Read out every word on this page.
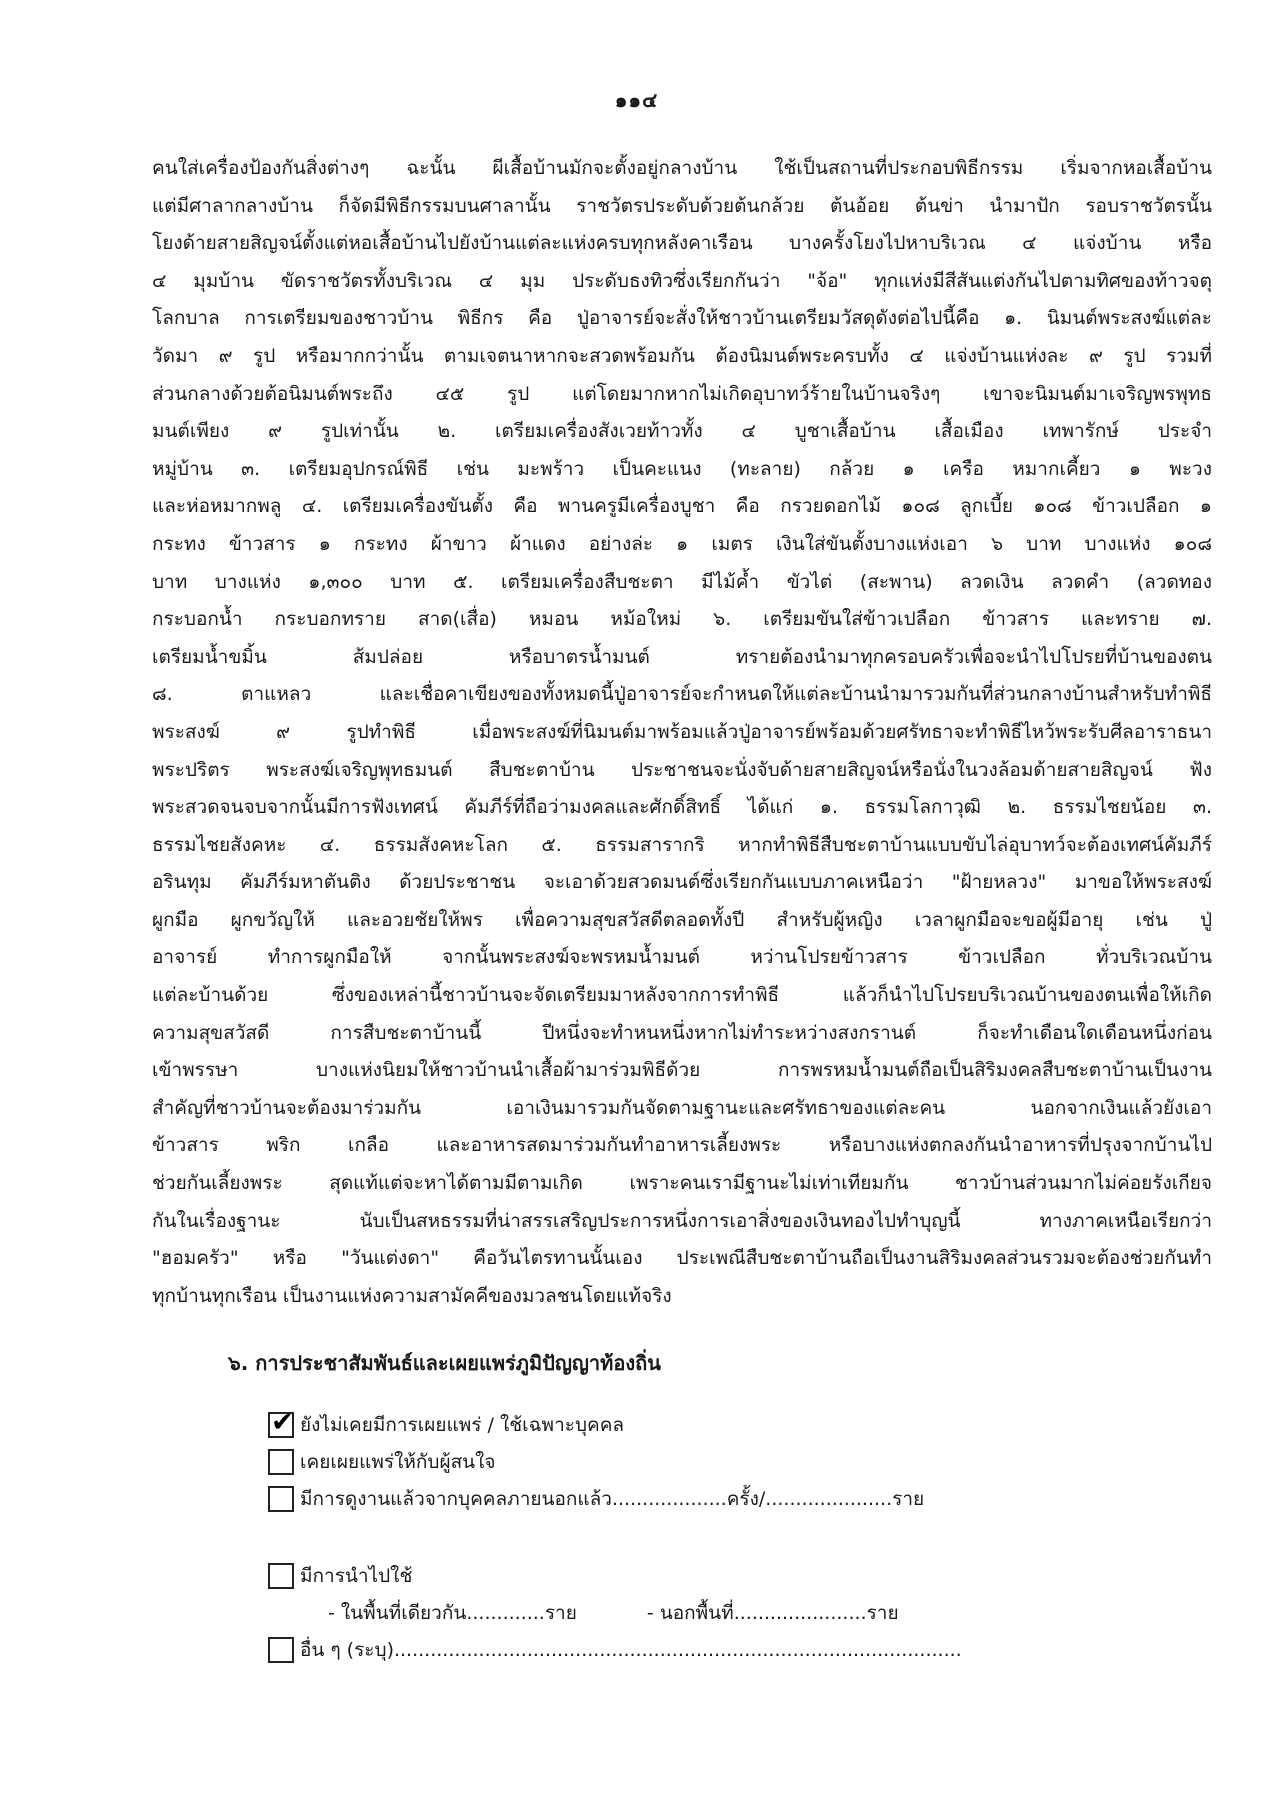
๑๑๔
คนใส่เครื่องป้องกันสิ่งต่างๆ ฉะนั้น ผีเสื้อบ้านมักจะตั้งอยู่กลางบ้าน ใช้เป็นสถานที่ประกอบพิธีกรรม เริ่มจากหอเสื้อบ้าน
แต่มีศาลากลางบ้าน ก็จัดมีพิธีกรรมบนศาลานั้น ราชวัตรประดับด้วยต้นกล้วย ต้นอ้อย ต้นข่า นำมาปัก รอบราชวัตรนั้น
โยงด้ายสายสิญจน์ตั้งแต่หอเสื้อบ้านไปยังบ้านแต่ละแห่งครบทุกหลังคาเรือน บางครั้งโยงไปหาบริเวณ ๔ แจ่งบ้าน หรือ
๔ มุมบ้าน ขัดราชวัตรทั้งบริเวณ ๔ มุม ประดับธงทิวซึ่งเรียกกันว่า "จ้อ" ทุกแห่งมีสีสันแต่งกันไปตามทิศของท้าวจตุ
โลกบาล การเตรียมของชาวบ้าน พิธีกร คือ ปู่อาจารย์จะสั่งให้ชาวบ้านเตรียมวัสดุดังต่อไปนี้คือ ๑. นิมนต์พระสงฆ์แต่ละ
วัดมา ๙ รูป หรือมากกว่านั้น ตามเจตนาหากจะสวดพร้อมกัน ต้องนิมนต์พระครบทั้ง ๔ แจ่งบ้านแห่งละ ๙ รูป รวมที่
ส่วนกลางด้วยต้อนิมนต์พระถึง ๔๕ รูป แต่โดยมากหากไม่เกิดอุบาทว์ร้ายในบ้านจริงๆ เขาจะนิมนต์มาเจริญพรพุทธ
มนต์เพียง ๙ รูปเท่านั้น ๒. เตรียมเครื่องสังเวยท้าวทั้ง ๔ บูชาเสื้อบ้าน เสื้อเมือง เทพารักษ์ ประจำ
หมู่บ้าน ๓. เตรียมอุปกรณ์พิธี เช่น มะพร้าว เป็นคะแนง (ทะลาย) กล้วย ๑ เครือ หมากเคี้ยว ๑ พะวง
และห่อหมากพลู ๔. เตรียมเครื่องขันตั้ง คือ พานครูมีเครื่องบูชา คือ กรวยดอกไม้ ๑๐๘ ลูกเบี้ย ๑๐๘ ข้าวเปลือก ๑
กระทง ข้าวสาร ๑ กระทง ผ้าขาว ผ้าแดง อย่างล่ะ ๑ เมตร เงินใส่ขันตั้งบางแห่งเอา ๖ บาท บางแห่ง ๑๐๘
บาท บางแห่ง ๑,๓๐๐ บาท ๕. เตรียมเครื่องสืบชะตา มีไม้ค้ำ ขัวไต่ (สะพาน) ลวดเงิน ลวดคำ (ลวดทอง
กระบอกน้ำ กระบอกทราย สาด(เสื่อ) หมอน หม้อใหม่ ๖. เตรียมขันใส่ข้าวเปลือก ข้าวสาร และทราย ๗.
เตรียมน้ำขมิ้น ส้มปล่อย หรือบาตรน้ำมนต์ ทรายต้องนำมาทุกครอบครัวเพื่อจะนำไปโปรยที่บ้านของตน
๘. ตาแหลว และเชื่อคาเขียงของทั้งหมดนี้ปู่อาจารย์จะกำหนดให้แต่ละบ้านนำมารวมกันที่ส่วนกลางบ้านสำหรับทำพิธี
พระสงฆ์ ๙ รูปทำพิธี เมื่อพระสงฆ์ที่นิมนต์มาพร้อมแล้วปู่อาจารย์พร้อมด้วยศรัทธาจะทำพิธีไหว้พระรับศีลอาราธนา
พระปริตร พระสงฆ์เจริญพุทธมนต์ สืบชะตาบ้าน ประชาชนจะนั่งจับด้ายสายสิญจน์หรือนั่งในวงล้อมด้ายสายสิญจน์ ฟัง
พระสวดจนจบจากนั้นมีการฟังเทศน์ คัมภีร์ที่ถือว่ามงคลและศักดิ์สิทธิ์ ได้แก่ ๑. ธรรมโลกาวุฒิ ๒. ธรรมไชยน้อย ๓.
ธรรมไชยสังคหะ ๔. ธรรมสังคหะโลก ๕. ธรรมสารากริ หากทำพิธีสืบชะตาบ้านแบบขับไล่อุบาทว์จะต้องเทศน์คัมภีร์
อรินทุม คัมภีร์มหาตันติง ด้วยประชาชน จะเอาด้วยสวดมนต์ซึ่งเรียกกันแบบภาคเหนือว่า "ฝ้ายหลวง" มาขอให้พระสงฆ์
ผูกมือ ผูกขวัญให้ และอวยชัยให้พร เพื่อความสุขสวัสดีตลอดทั้งปี สำหรับผู้หญิง เวลาผูกมือจะขอผู้มีอายุ เช่น ปู่
อาจารย์ ทำการผูกมือให้ จากนั้นพระสงฆ์จะพรหมน้ำมนต์ หว่านโปรยข้าวสาร ข้าวเปลือก ทั่วบริเวณบ้าน
แต่ละบ้านด้วย ซึ่งของเหล่านี้ชาวบ้านจะจัดเตรียมมาหลังจากการทำพิธี แล้วก็นำไปโปรยบริเวณบ้านของตนเพื่อให้เกิด
ความสุขสวัสดี การสืบชะตาบ้านนี้ ปีหนึ่งจะทำหนหนึ่งหากไม่ทำระหว่างสงกรานต์ ก็จะทำเดือนใดเดือนหนึ่งก่อน
เข้าพรรษา บางแห่งนิยมให้ชาวบ้านนำเสื้อผ้ามาร่วมพิธีด้วย การพรหมน้ำมนต์ถือเป็นสิริมงคลสืบชะตาบ้านเป็นงาน
สำคัญที่ชาวบ้านจะต้องมาร่วมกัน เอาเงินมารวมกันจัดตามฐานะและศรัทธาของแต่ละคน นอกจากเงินแล้วยังเอา
ข้าวสาร พริก เกลือ และอาหารสดมาร่วมกันทำอาหารเลี้ยงพระ หรือบางแห่งตกลงกันนำอาหารที่ปรุงจากบ้านไป
ช่วยกันเลี้ยงพระ สุดแท้แต่จะหาได้ตามมีตามเกิด เพราะคนเรามีฐานะไม่เท่าเทียมกัน ชาวบ้านส่วนมากไม่ค่อยรังเกียจ
กันในเรื่องฐานะ นับเป็นสหธรรมที่น่าสรรเสริญประการหนึ่งการเอาสิ่งของเงินทองไปทำบุญนี้ ทางภาคเหนือเรียกว่า
"ฮอมครัว" หรือ "วันแต่งดา" คือวันไตรทานนั้นเอง ประเพณีสืบชะตาบ้านถือเป็นงานสิริมงคลส่วนรวมจะต้องช่วยกันทำ
ทุกบ้านทุกเรือน เป็นงานแห่งความสามัคคีของมวลชนโดยแท้จริง
๖. การประชาสัมพันธ์และเผยแพร่ภูมิปัญญาท้องถิ่น
✔ ยังไม่เคยมีการเผยแพร่ / ใช้เฉพาะบุคคล
เคยเผยแพร่ให้กับผู้สนใจ
มีการดูงานแล้วจากบุคคลภายนอกแล้ว...................ครั้ง/.....................ราย
มีการนำไปใช้
- ในพื้นที่เดียวกัน.............ราย	- นอกพื้นที่......................ราย
อื่น ๆ (ระบุ)..............................................................................................
